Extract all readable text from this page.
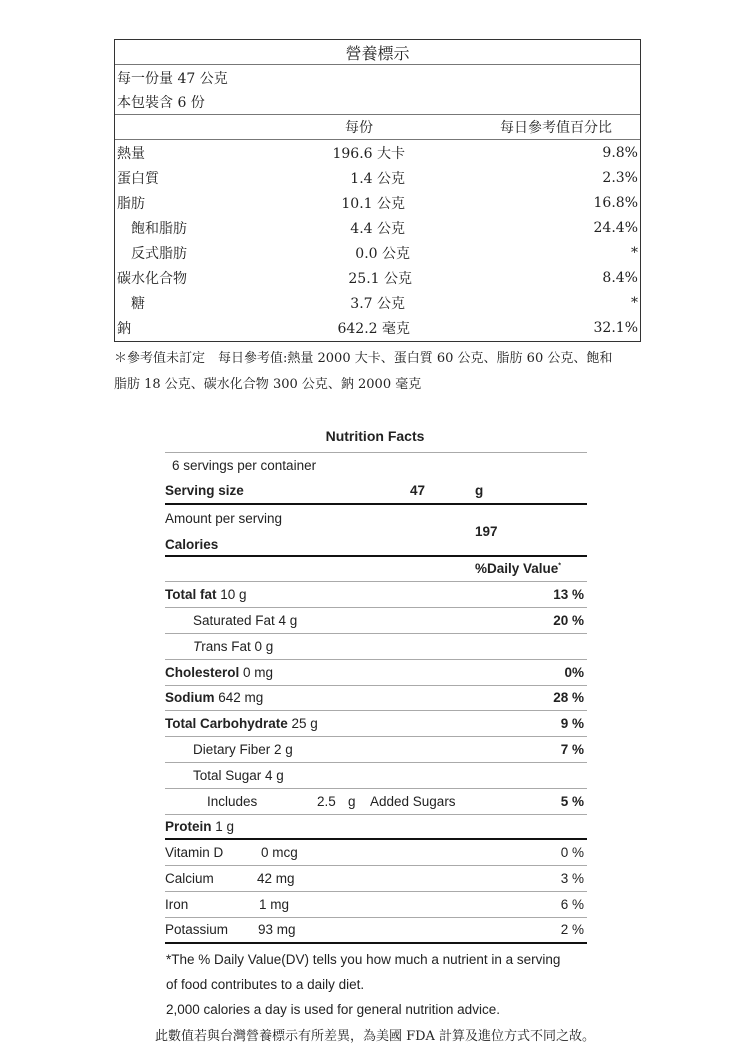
營養標示
每一份量 47 公克
本包裝含 6 份
每份	每日參考值百分比
熱量	196.6 大卡	9.8%
蛋白質	1.4 公克	2.3%
脂肪	10.1 公克	16.8%
飽和脂肪	4.4 公克	24.4%
反式脂肪	0.0 公克	*
碳水化合物	25.1 公克	8.4%
糖	3.7 公克	*
鈉	642.2 毫克	32.1%
＊參考值未訂定　每日參考值:熱量 2000 大卡、蛋白質 60 公克、脂肪 60 公克、飽和
脂肪 18 公克、碳水化合物 300 公克、鈉 2000 毫克
Nutrition Facts
6 servings per container
Serving size	47	g
Amount per serving
Calories
197
%Daily Value*
Total fat 10 g	13 %
Saturated Fat 4 g	20 %
Trans Fat 0 g
Cholesterol 0 mg	0%
Sodium 642 mg	28 %
Total Carbohydrate 25 g	9 %
Dietary Fiber 2 g	7 %
Total Sugar 4 g
Includes	2.5 g Added Sugars	5 %
Protein 1 g
Vitamin D	0 mcg	0 %
Calcium	42 mg	3 %
Iron	1 mg	6 %
Potassium 93 mg	2 %
*The % Daily Value(DV) tells you how much a nutrient in a serving
of food contributes to a daily diet.
2,000 calories a day is used for general nutrition advice.
此數值若與台灣營養標示有所差異，為美國 FDA 計算及進位方式不同之故。
